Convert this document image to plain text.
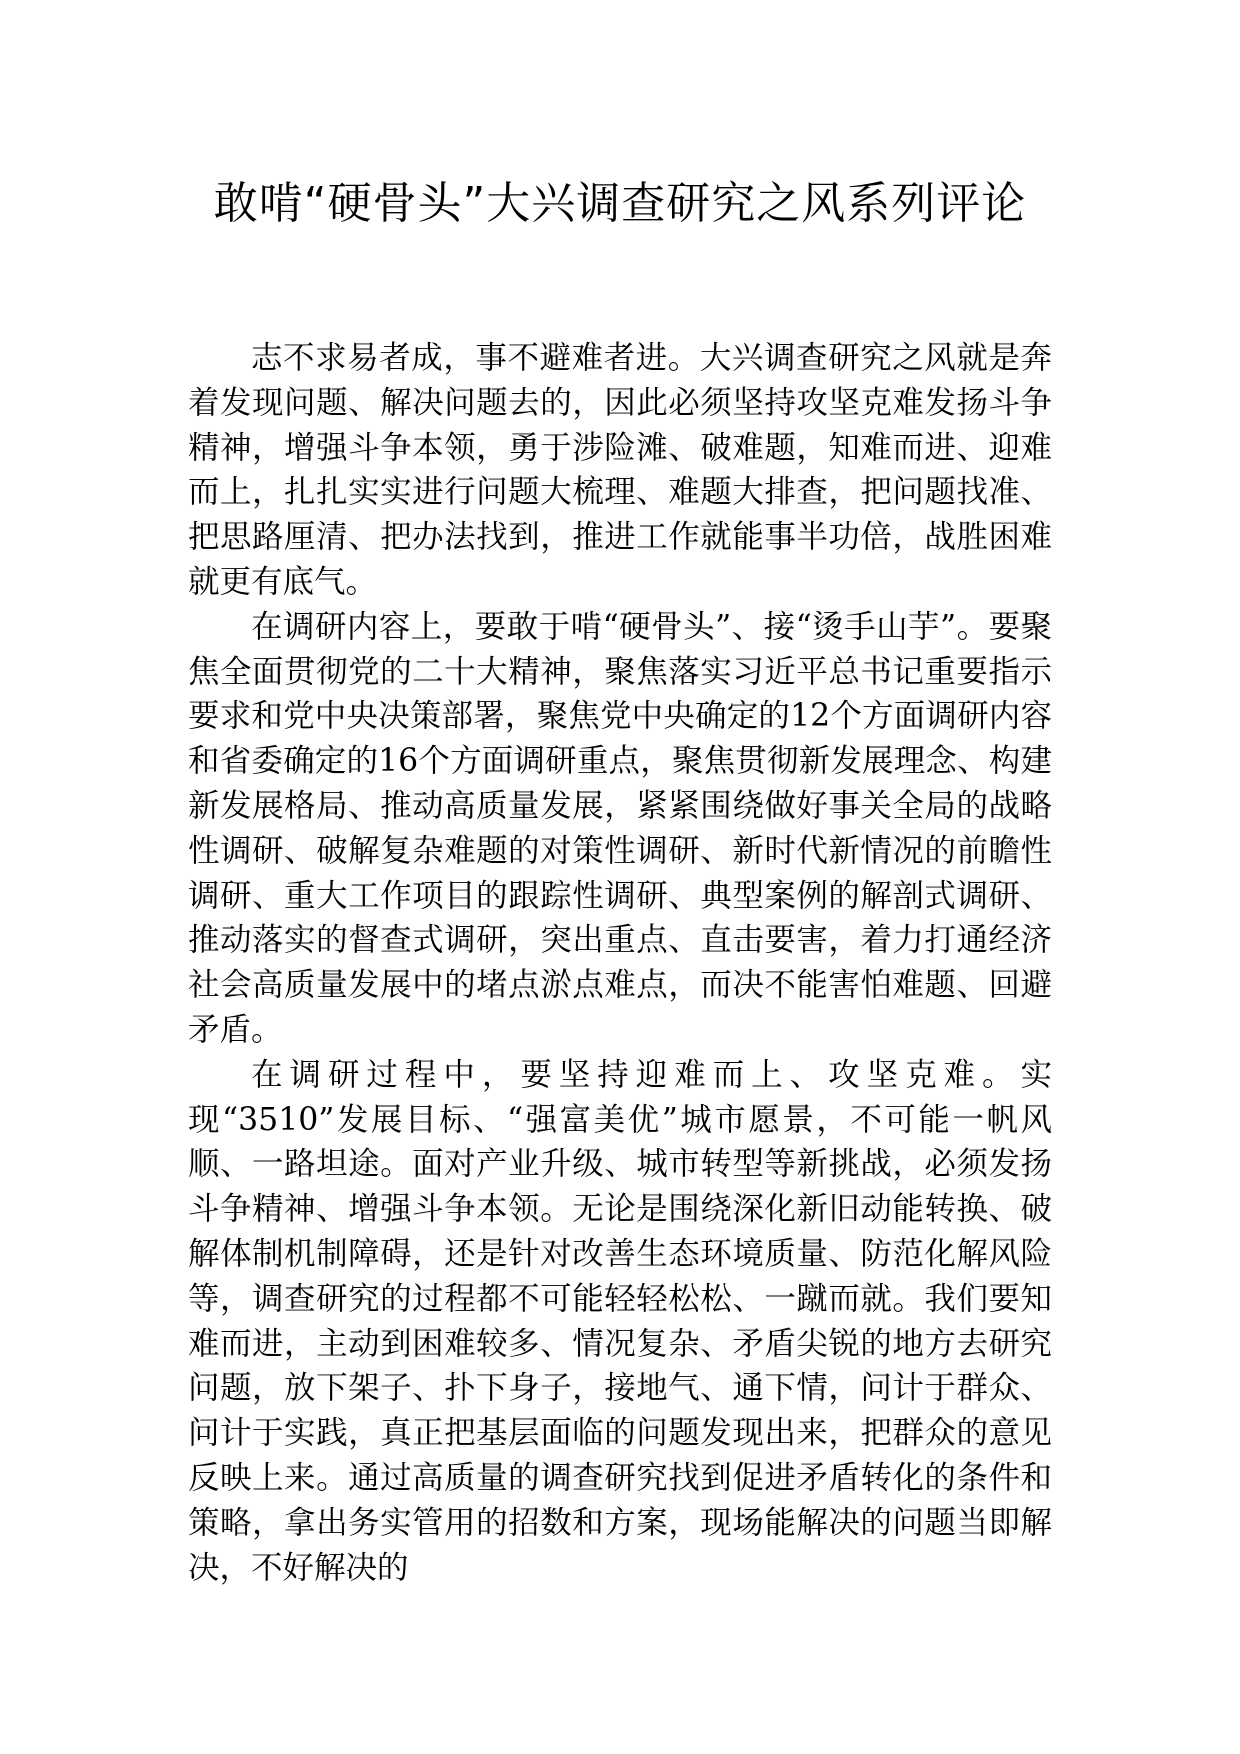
敢啃“硬骨头”大兴调查研究之风系列评论

志不求易者成，事不避难者进。大兴调查研究之风就是奔着发现问题、解决问题去的，因此必须坚持攻坚克难发扬斗争精神，增强斗争本领，勇于涉险滩、破难题，知难而进、迎难而上，扎扎实实进行问题大梳理、难题大排查，把问题找准、把思路厘清、把办法找到，推进工作就能事半功倍，战胜困难就更有底气。

在调研内容上，要敢于啃“硬骨头”、接“烫手山芋”。要聚焦全面贯彻党的二十大精神，聚焦落实习近平总书记重要指示要求和党中央决策部署，聚焦党中央确定的12个方面调研内容和省委确定的16个方面调研重点，聚焦贯彻新发展理念、构建新发展格局、推动高质量发展，紧紧围绕做好事关全局的战略性调研、破解复杂难题的对策性调研、新时代新情况的前瞻性调研、重大工作项目的跟踪性调研、典型案例的解剖式调研、推动落实的督查式调研，突出重点、直击要害，着力打通经济社会高质量发展中的堵点淤点难点，而决不能害怕难题、回避矛盾。

在调研过程中，要坚持迎难而上、攻坚克难。实现“3510”发展目标、“强富美优”城市愿景，不可能一帆风顺、一路坦途。面对产业升级、城市转型等新挑战，必须发扬斗争精神、增强斗争本领。无论是围绕深化新旧动能转换、破解体制机制障碍，还是针对改善生态环境质量、防范化解风险等，调查研究的过程都不可能轻轻松松、一蹴而就。我们要知难而进，主动到困难较多、情况复杂、矛盾尖锐的地方去研究问题，放下架子、扑下身子，接地气、通下情，问计于群众、问计于实践，真正把基层面临的问题发现出来，把群众的意见反映上来。通过高质量的调查研究找到促进矛盾转化的条件和策略，拿出务实管用的招数和方案，现场能解决的问题当即解决，不好解决的
